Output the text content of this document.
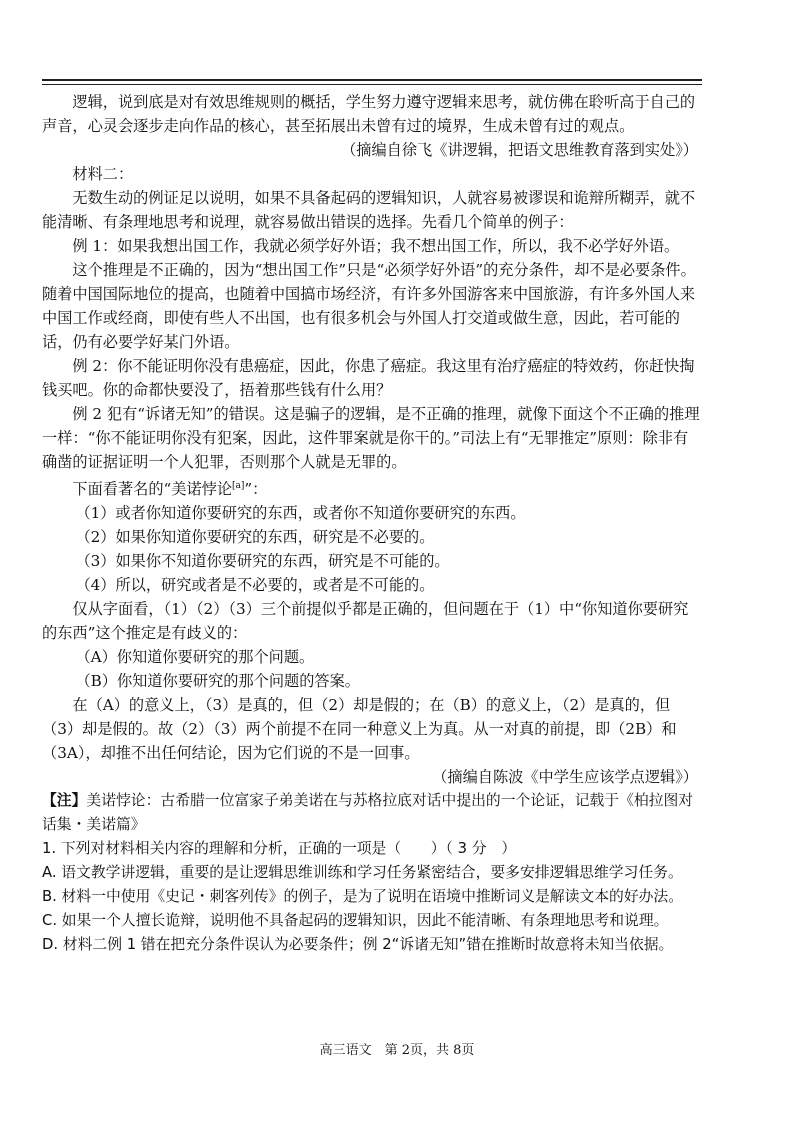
逻辑，说到底是对有效思维规则的概括，学生努力遵守逻辑来思考，就仿佛在聆听高于自己的声音，心灵会逐步走向作品的核心，甚至拓展出未曾有过的境界，生成未曾有过的观点。

（摘编自徐飞《讲逻辑，把语文思维教育落到实处》）

材料二：

无数生动的例证足以说明，如果不具备起码的逻辑知识，人就容易被谬误和诡辩所糊弄，就不能清晰、有条理地思考和说理，就容易做出错误的选择。先看几个简单的例子：

例 1：如果我想出国工作，我就必须学好外语；我不想出国工作，所以，我不必学好外语。

这个推理是不正确的，因为“想出国工作”只是“必须学好外语”的充分条件，却不是必要条件。随着中国国际地位的提高，也随着中国搞市场经济，有许多外国游客来中国旅游，有许多外国人来中国工作或经商，即使有些人不出国，也有很多机会与外国人打交道或做生意，因此，若可能的话，仍有必要学好某门外语。

例 2：你不能证明你没有患癌症，因此，你患了癌症。我这里有治疗癌症的特效药，你赶快掏钱买吧。你的命都快要没了，捂着那些钱有什么用？

例 2 犯有“诉诸无知”的错误。这是骗子的逻辑，是不正确的推理，就像下面这个不正确的推理一样：“你不能证明你没有犯案，因此，这件罪案就是你干的。”司法上有“无罪推定”原则：除非有确凿的证据证明一个人犯罪，否则那个人就是无罪的。

下面看著名的“美诺悖论[a]”：

（1）或者你知道你要研究的东西，或者你不知道你要研究的东西。

（2）如果你知道你要研究的东西，研究是不必要的。

（3）如果你不知道你要研究的东西，研究是不可能的。

（4）所以，研究或者是不必要的，或者是不可能的。

仅从字面看，（1）（2）（3）三个前提似乎都是正确的，但问题在于（1）中“你知道你要研究的东西”这个推定是有歧义的：

（A）你知道你要研究的那个问题。

（B）你知道你要研究的那个问题的答案。

在（A）的意义上，（3）是真的，但（2）却是假的；在（B）的意义上，（2）是真的，但（3）却是假的。故（2）（3）两个前提不在同一种意义上为真。从一对真的前提，即（2B）和（3A），却推不出任何结论，因为它们说的不是一回事。

（摘编自陈波《中学生应该学点逻辑》）

【注】美诺悖论：古希腊一位富家子弟美诺在与苏格拉底对话中提出的一个论证，记载于《柏拉图对话集・美诺篇》

1. 下列对材料相关内容的理解和分析，正确的一项是（　　）（ 3 分　）

A. 语文教学讲逻辑，重要的是让逻辑思维训练和学习任务紧密结合，要多安排逻辑思维学习任务。

B. 材料一中使用《史记・刺客列传》的例子，是为了说明在语境中推断词义是解读文本的好办法。

C. 如果一个人擅长诡辩，说明他不具备起码的逻辑知识，因此不能清晰、有条理地思考和说理。

D. 材料二例 1 错在把充分条件误认为必要条件；例 2“诉诸无知”错在推断时故意将未知当依据。

高三语文　第 2页，共 8页
